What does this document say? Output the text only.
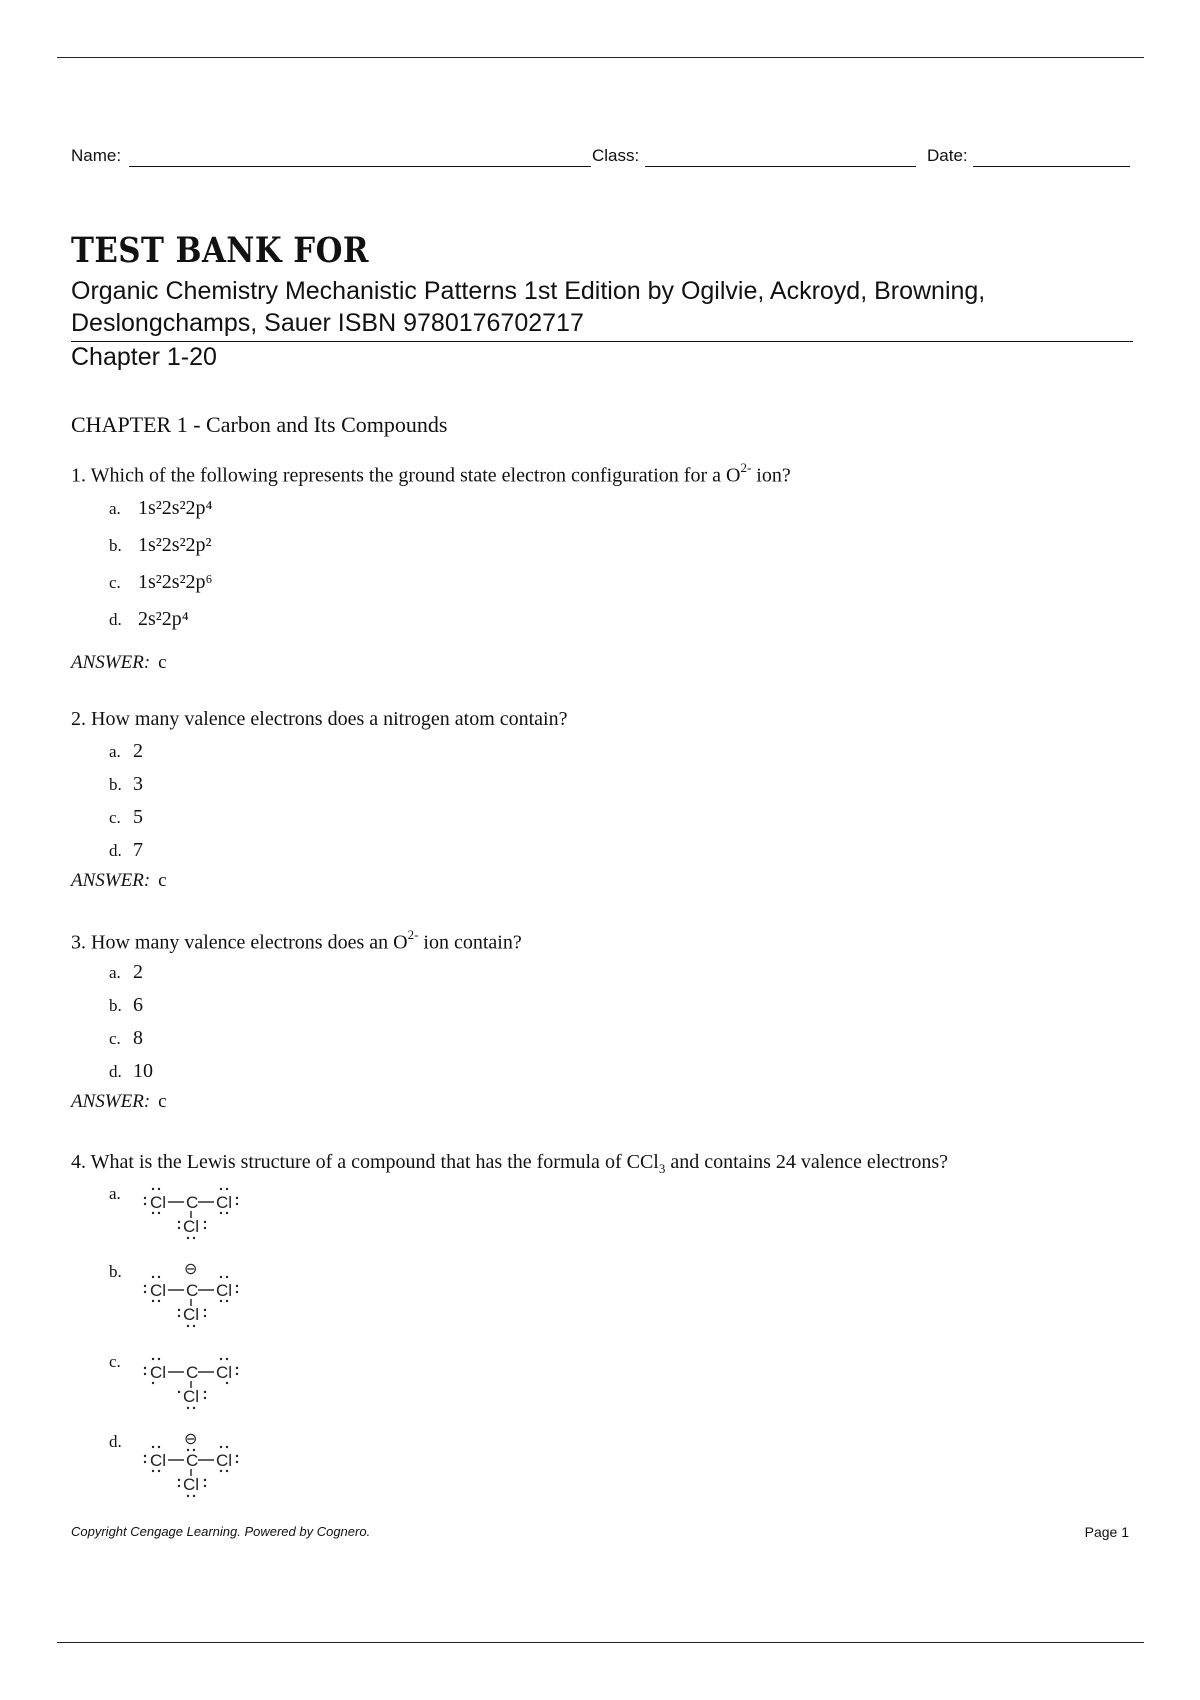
Name:	Class:	Date:
TEST BANK FOR
Organic Chemistry Mechanistic Patterns 1st Edition by Ogilvie, Ackroyd, Browning, Deslongchamps, Sauer ISBN 9780176702717
Chapter 1-20
CHAPTER 1 - Carbon and Its Compounds
1. Which of the following represents the ground state electron configuration for a $O^{2-}$ ion?
a. 1s²2s²2p⁴
b. 1s²2s²2p²
c. 1s²2s²2p⁶
d. 2s²2p⁴
ANSWER: c
2. How many valence electrons does a nitrogen atom contain?
a. 2
b. 3
c. 5
d. 7
ANSWER: c
3. How many valence electrons does an $O^{2-}$ ion contain?
a. 2
b. 6
c. 8
d. 10
ANSWER: c
4. What is the Lewis structure of a compound that has the formula of CCl$_3$ and contains 24 valence electrons?
a. Cl C Cl
Cl
b.	⊖
Cl C Cl
Cl
c.
Cl C Cl
Cl
d.	⊖
Cl C Cl
Cl
Copyright Cengage Learning. Powered by Cognero.	Page 1
